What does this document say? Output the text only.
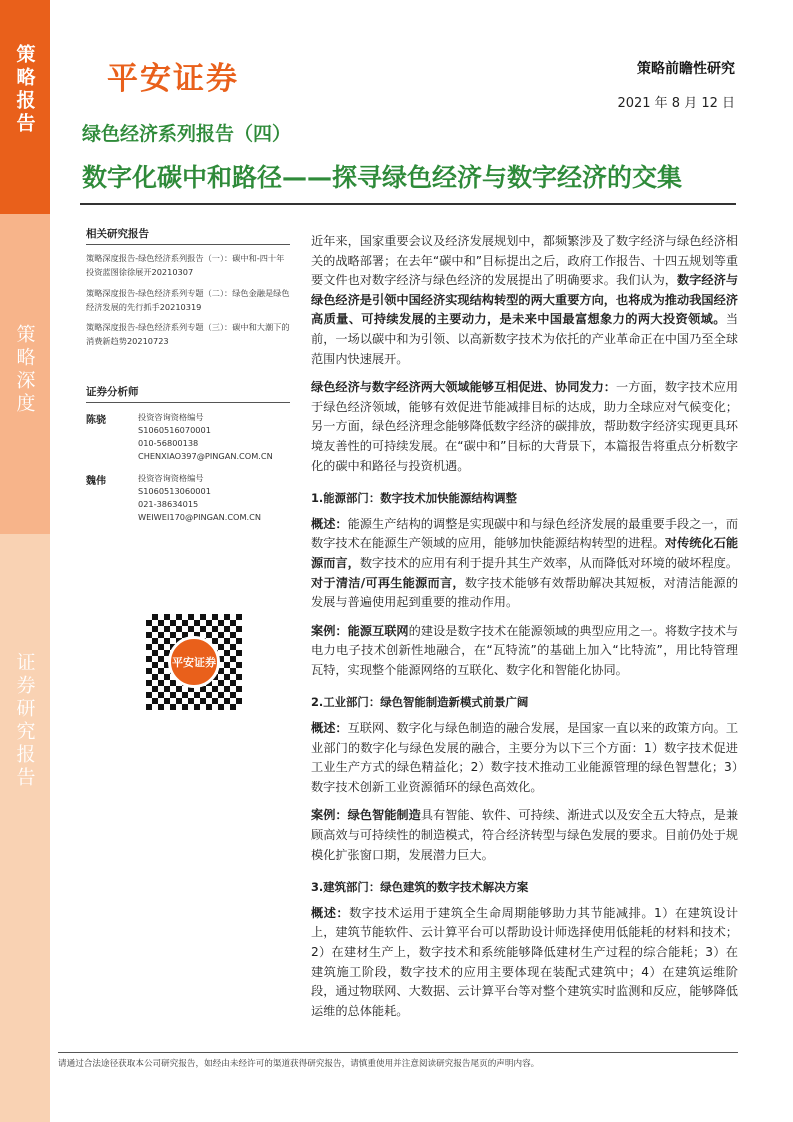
策略报告
策略深度
证券研究报告
平安证券	策略前瞻性研究
2021 年 8 月 12 日
绿色经济系列报告（四）
数字化碳中和路径——探寻绿色经济与数字经济的交集
相关研究报告
策略深度报告-绿色经济系列报告（一）：碳中和-四十年投资蓝图徐徐展开20210307
策略深度报告-绿色经济系列专题（二）：绿色金融是绿色经济发展的先行抓手20210319
策略深度报告-绿色经济系列专题（三）：碳中和大潮下的消费新趋势20210723
证券分析师
陈骁	投资咨询资格编号
S1060516070001
010-56800138
CHENXIAO397@PINGAN.COM.CN
魏伟	投资咨询资格编号
S1060513060001
021-38634015
WEIWEI170@PINGAN.COM.CN
平安证券

近年来，国家重要会议及经济发展规划中，都频繁涉及了数字经济与绿色经济相关的战略部署；在去年“碳中和”目标提出之后，政府工作报告、十四五规划等重要文件也对数字经济与绿色经济的发展提出了明确要求。我们认为，数字经济与绿色经济是引领中国经济实现结构转型的两大重要方向，也将成为推动我国经济高质量、可持续发展的主要动力，是未来中国最富想象力的两大投资领域。当前，一场以碳中和为引领、以高新数字技术为依托的产业革命正在中国乃至全球范围内快速展开。

绿色经济与数字经济两大领域能够互相促进、协同发力：一方面，数字技术应用于绿色经济领域，能够有效促进节能减排目标的达成，助力全球应对气候变化；另一方面，绿色经济理念能够降低数字经济的碳排放，帮助数字经济实现更具环境友善性的可持续发展。在“碳中和”目标的大背景下，本篇报告将重点分析数字化的碳中和路径与投资机遇。

1.能源部门：数字技术加快能源结构调整

概述：能源生产结构的调整是实现碳中和与绿色经济发展的最重要手段之一，而数字技术在能源生产领域的应用，能够加快能源结构转型的进程。对传统化石能源而言，数字技术的应用有利于提升其生产效率，从而降低对环境的破坏程度。对于清洁/可再生能源而言，数字技术能够有效帮助解决其短板，对清洁能源的发展与普遍使用起到重要的推动作用。

案例：能源互联网的建设是数字技术在能源领域的典型应用之一。将数字技术与电力电子技术创新性地融合，在“瓦特流”的基础上加入“比特流”，用比特管理瓦特，实现整个能源网络的互联化、数字化和智能化协同。

2.工业部门：绿色智能制造新模式前景广阔

概述：互联网、数字化与绿色制造的融合发展，是国家一直以来的政策方向。工业部门的数字化与绿色发展的融合，主要分为以下三个方面：1）数字技术促进工业生产方式的绿色精益化；2）数字技术推动工业能源管理的绿色智慧化；3）数字技术创新工业资源循环的绿色高效化。

案例：绿色智能制造具有智能、软件、可持续、渐进式以及安全五大特点，是兼顾高效与可持续性的制造模式，符合经济转型与绿色发展的要求。目前仍处于规模化扩张窗口期，发展潜力巨大。

3.建筑部门：绿色建筑的数字技术解决方案

概述：数字技术运用于建筑全生命周期能够助力其节能减排。1）在建筑设计上，建筑节能软件、云计算平台可以帮助设计师选择使用低能耗的材料和技术；2）在建材生产上，数字技术和系统能够降低建材生产过程的综合能耗；3）在建筑施工阶段，数字技术的应用主要体现在装配式建筑中；4）在建筑运维阶段，通过物联网、大数据、云计算平台等对整个建筑实时监测和反应，能够降低运维的总体能耗。

请通过合法途径获取本公司研究报告，如经由未经许可的渠道获得研究报告，请慎重使用并注意阅读研究报告尾页的声明内容。
